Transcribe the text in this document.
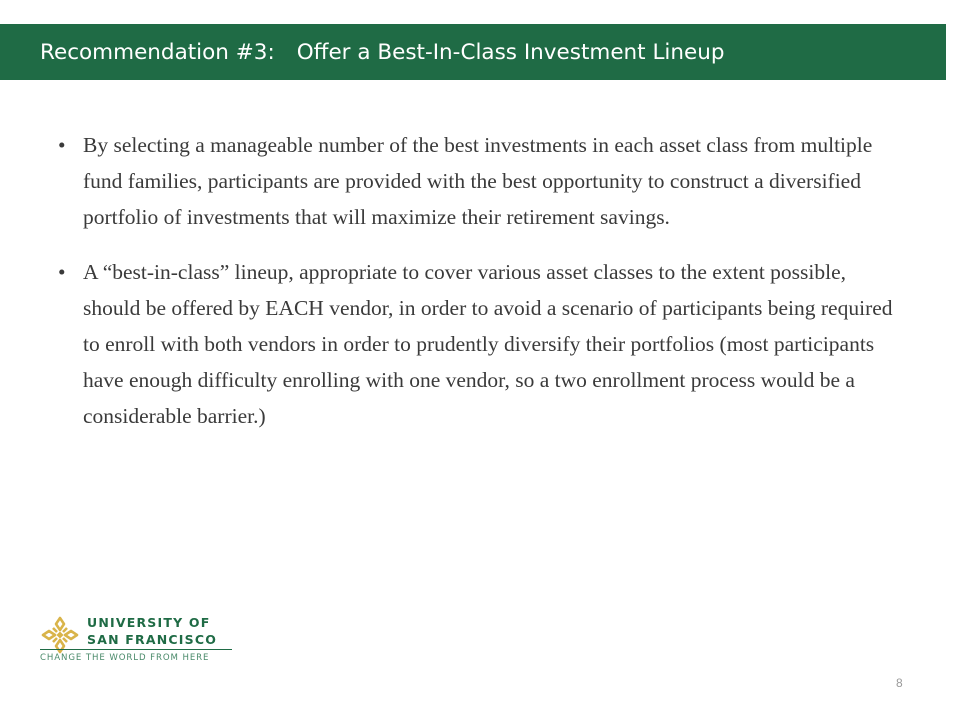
Recommendation #3: Offer a Best-In-Class Investment Lineup
• By selecting a manageable number of the best investments in each asset class from multiple fund families, participants are provided with the best opportunity to construct a diversified portfolio of investments that will maximize their retirement savings.
• A “best-in-class” lineup, appropriate to cover various asset classes to the extent possible, should be offered by EACH vendor, in order to avoid a scenario of participants being required to enroll with both vendors in order to prudently diversify their portfolios (most participants have enough difficulty enrolling with one vendor, so a two enrollment process would be a considerable barrier.)
UNIVERSITY OF
SAN FRANCISCO
CHANGE THE WORLD FROM HERE
8
